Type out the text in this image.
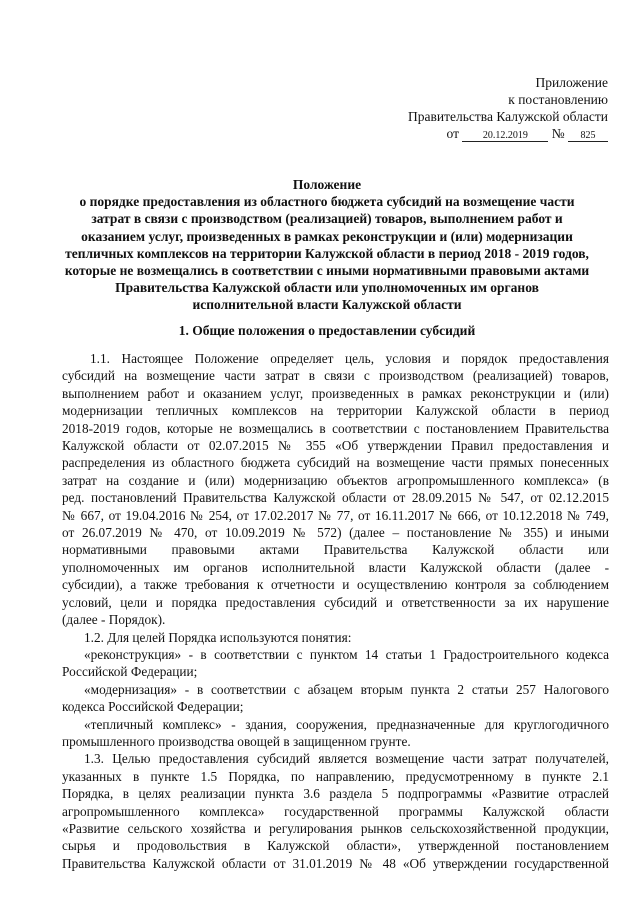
Приложение
к постановлению
Правительства Калужской области
от 20.12.2019 № 825
Положение
о порядке предоставления из областного бюджета субсидий на возмещение части
затрат в связи с производством (реализацией) товаров, выполнением работ и
оказанием услуг, произведенных в рамках реконструкции и (или) модернизации
тепличных комплексов на территории Калужской области в период 2018 - 2019 годов,
которые не возмещались в соответствии с иными нормативными правовыми актами
Правительства Калужской области или уполномоченных им органов
исполнительной власти Калужской области
1. Общие положения о предоставлении субсидий
1.1. Настоящее Положение определяет цель, условия и порядок предоставления
субсидий на возмещение части затрат в связи с производством (реализацией) товаров,
выполнением работ и оказанием услуг, произведенных в рамках реконструкции и (или)
модернизации тепличных комплексов на территории Калужской области в период
2018-2019 годов, которые не возмещались в соответствии с постановлением Правительства
Калужской области от 02.07.2015 № 355 «Об утверждении Правил предоставления и
распределения из областного бюджета субсидий на возмещение части прямых понесенных
затрат на создание и (или) модернизацию объектов агропромышленного комплекса» (в
ред. постановлений Правительства Калужской области от 28.09.2015 № 547, от 02.12.2015
№ 667, от 19.04.2016 № 254, от 17.02.2017 № 77, от 16.11.2017 № 666, от 10.12.2018 № 749,
от 26.07.2019 № 470, от 10.09.2019 № 572) (далее – постановление № 355) и иными
нормативными правовыми актами Правительства Калужской области или
уполномоченных им органов исполнительной власти Калужской области (далее -
субсидии), а также требования к отчетности и осуществлению контроля за соблюдением
условий, цели и порядка предоставления субсидий и ответственности за их нарушение
(далее - Порядок).
1.2. Для целей Порядка используются понятия:
«реконструкция» - в соответствии с пунктом 14 статьи 1 Градостроительного кодекса
Российской Федерации;
«модернизация» - в соответствии с абзацем вторым пункта 2 статьи 257 Налогового
кодекса Российской Федерации;
«тепличный комплекс» - здания, сооружения, предназначенные для круглогодичного
промышленного производства овощей в защищенном грунте.
1.3. Целью предоставления субсидий является возмещение части затрат получателей,
указанных в пункте 1.5 Порядка, по направлению, предусмотренному в пункте 2.1
Порядка, в целях реализации пункта 3.6 раздела 5 подпрограммы «Развитие отраслей
агропромышленного комплекса» государственной программы Калужской области
«Развитие сельского хозяйства и регулирования рынков сельскохозяйственной продукции,
сырья и продовольствия в Калужской области», утвержденной постановлением
Правительства Калужской области от 31.01.2019 № 48 «Об утверждении государственной
